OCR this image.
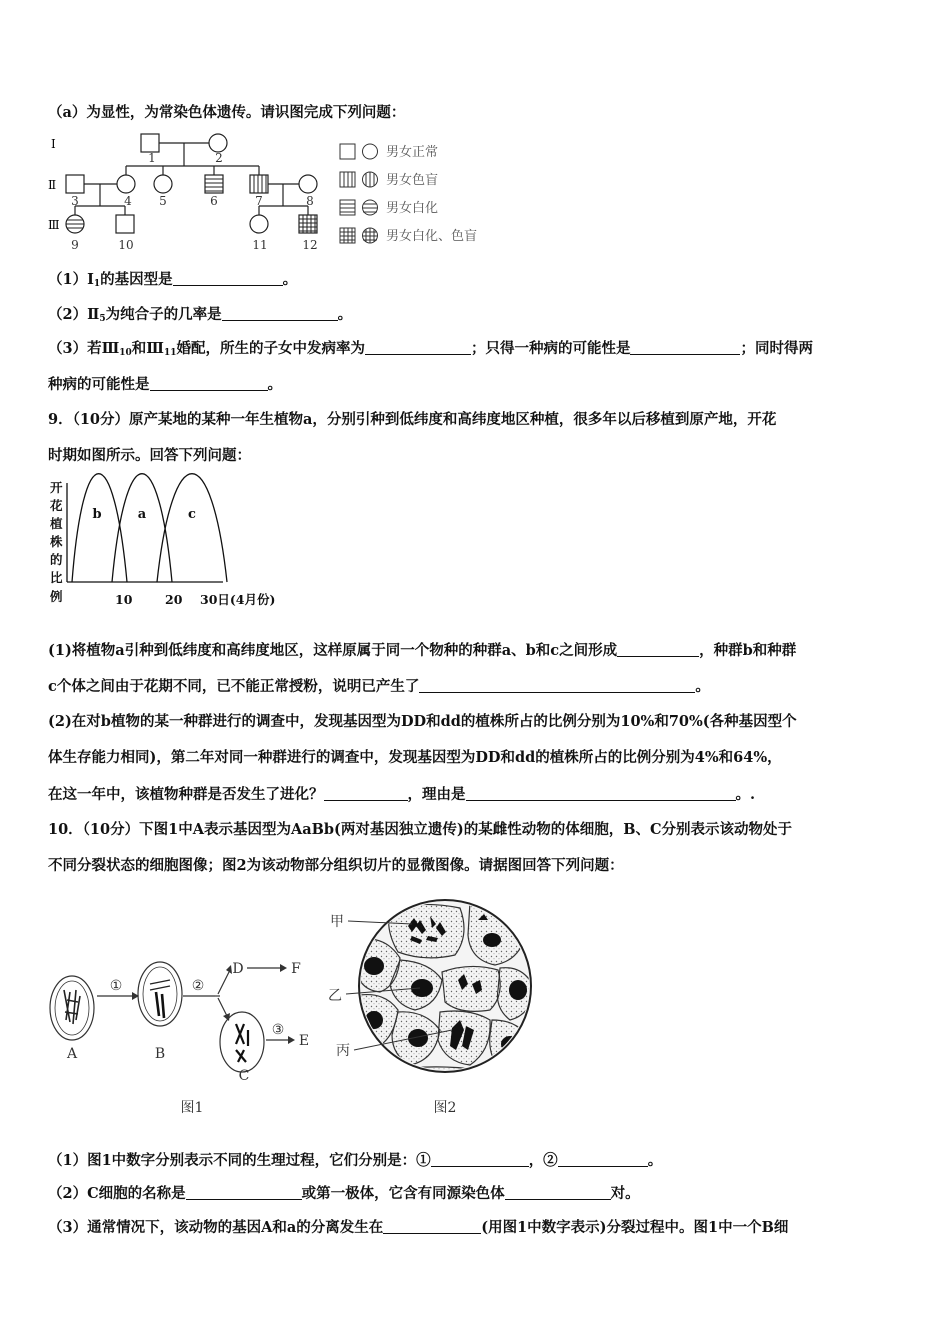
（a）为显性，为常染色体遗传。请识图完成下列问题：
Ⅰ
Ⅱ
Ⅲ
1	2
3	4 5	6	7	8
9	10	11	12
男女正常
男女色盲
男女白化
男女白化、色盲
$(1)Ⅰ_1$的基因型是	。
$(2)Ⅱ_5$为纯合子的几率是	。
（3）若$Ⅲ_{10}$和$Ⅲ_{11}$婚配，所生的子女中发病率为	；只得一种病的可能性是	；同时得两
种病的可能性是	。
9．（10分）原产某地的某种一年生植物a，分别引种到低纬度和高纬度地区种植，很多年以后移植到原产地，开花
时期如图所示。回答下列问题：
开
花
植
株
的
比
例
b	a	c
10	20 30日(4月份)
(1)将植物a引种到低纬度和高纬度地区，这样原属于同一个物种的种群a、b和c之间形成	，种群b和种群
c个体之间由于花期不同，已不能正常授粉，说明已产生了	。
(2)在对b植物的某一种群进行的调查中，发现基因型为DD和dd的植株所占的比例分别为10%和70%(各种基因型个
体生存能力相同)，第二年对同一种群进行的调查中，发现基因型为DD和dd的植株所占的比例分别为4%和64%，
在这一年中，该植物种群是否发生了进化？	，理由是	。.
10．（10分）下图1中A表示基因型为AaBb(两对基因独立遗传)的某雌性动物的体细胞，B、C分别表示该动物处于
不同分裂状态的细胞图像；图2为该动物部分组织切片的显微图像。请据图回答下列问题：
①	②
③
D	F
E
A	B
C
图1
甲
乙
丙
图2
（1）图1中数字分别表示不同的生理过程，它们分别是：①	，②	。
（2）C细胞的名称是	或第一极体，它含有同源染色体	对。
（3）通常情况下，该动物的基因A和a的分离发生在	(用图1中数字表示)分裂过程中。图1中一个B细
